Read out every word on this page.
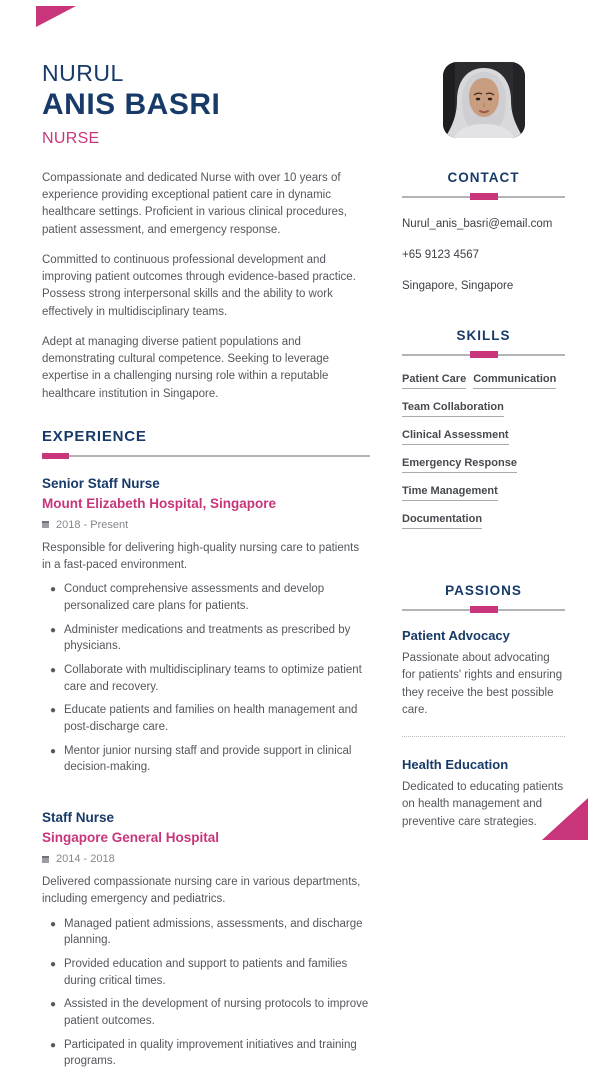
NURUL
ANIS BASRI
NURSE

Compassionate and dedicated Nurse with over 10 years of experience providing exceptional patient care in dynamic healthcare settings. Proficient in various clinical procedures, patient assessment, and emergency response.

Committed to continuous professional development and improving patient outcomes through evidence-based practice. Possess strong interpersonal skills and the ability to work effectively in multidisciplinary teams.

Adept at managing diverse patient populations and demonstrating cultural competence. Seeking to leverage expertise in a challenging nursing role within a reputable healthcare institution in Singapore.

EXPERIENCE
Senior Staff Nurse
Mount Elizabeth Hospital, Singapore
2018 - Present
Responsible for delivering high-quality nursing care to patients in a fast-paced environment.
● Conduct comprehensive assessments and develop personalized care plans for patients.
● Administer medications and treatments as prescribed by physicians.
● Collaborate with multidisciplinary teams to optimize patient care and recovery.
● Educate patients and families on health management and post-discharge care.
● Mentor junior nursing staff and provide support in clinical decision-making.
Staff Nurse
Singapore General Hospital
2014 - 2018
Delivered compassionate nursing care in various departments, including emergency and pediatrics.
● Managed patient admissions, assessments, and discharge planning.
● Provided education and support to patients and families during critical times.
● Assisted in the development of nursing protocols to improve patient outcomes.
● Participated in quality improvement initiatives and training programs.
CONTACT
Nurul_anis_basri@email.com
+65 9123 4567
Singapore, Singapore
SKILLS
Patient Care Communication
Team Collaboration
Clinical Assessment
Emergency Response
Time Management
Documentation
PASSIONS
Patient Advocacy
Passionate about advocating for patients' rights and ensuring they receive the best possible care.
Health Education
Dedicated to educating patients on health management and preventive care strategies.
